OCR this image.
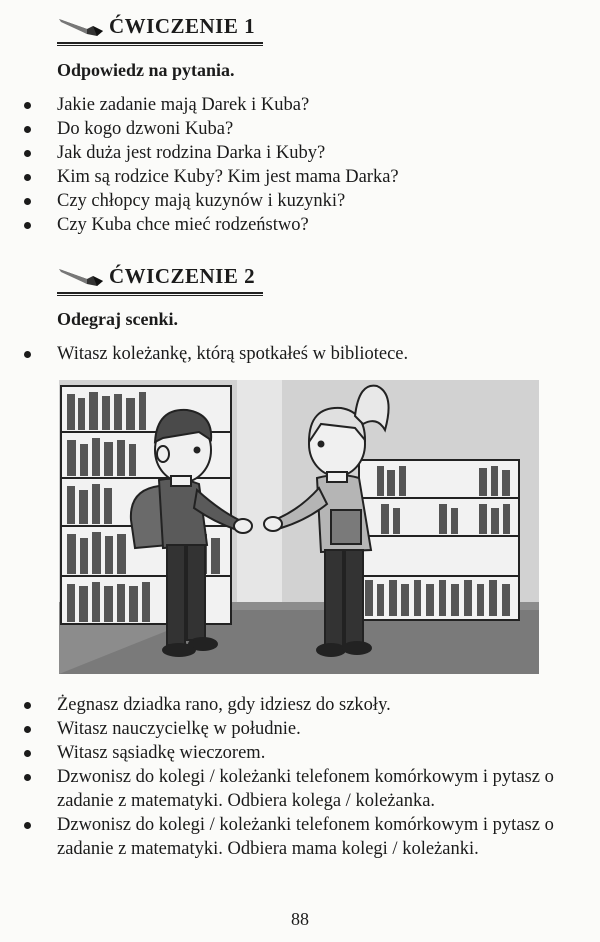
ĆWICZENIE 1
Odpowiedz na pytania.
Jakie zadanie mają Darek i Kuba?
Do kogo dzwoni Kuba?
Jak duża jest rodzina Darka i Kuby?
Kim są rodzice Kuby? Kim jest mama Darka?
Czy chłopcy mają kuzynów i kuzynki?
Czy Kuba chce mieć rodzeństwo?
ĆWICZENIE 2
Odegraj scenki.
Witasz koleżankę, którą spotkałeś w bibliotece.
Żegnasz dziadka rano, gdy idziesz do szkoły.
Witasz nauczycielkę w południe.
Witasz sąsiadkę wieczorem.
Dzwonisz do kolegi / koleżanki telefonem komórkowym i pytasz o zadanie z matematyki. Odbiera kolega / koleżanka.
Dzwonisz do kolegi / koleżanki telefonem komórkowym i pytasz o zadanie z matematyki. Odbiera mama kolegi / koleżanki.
88
